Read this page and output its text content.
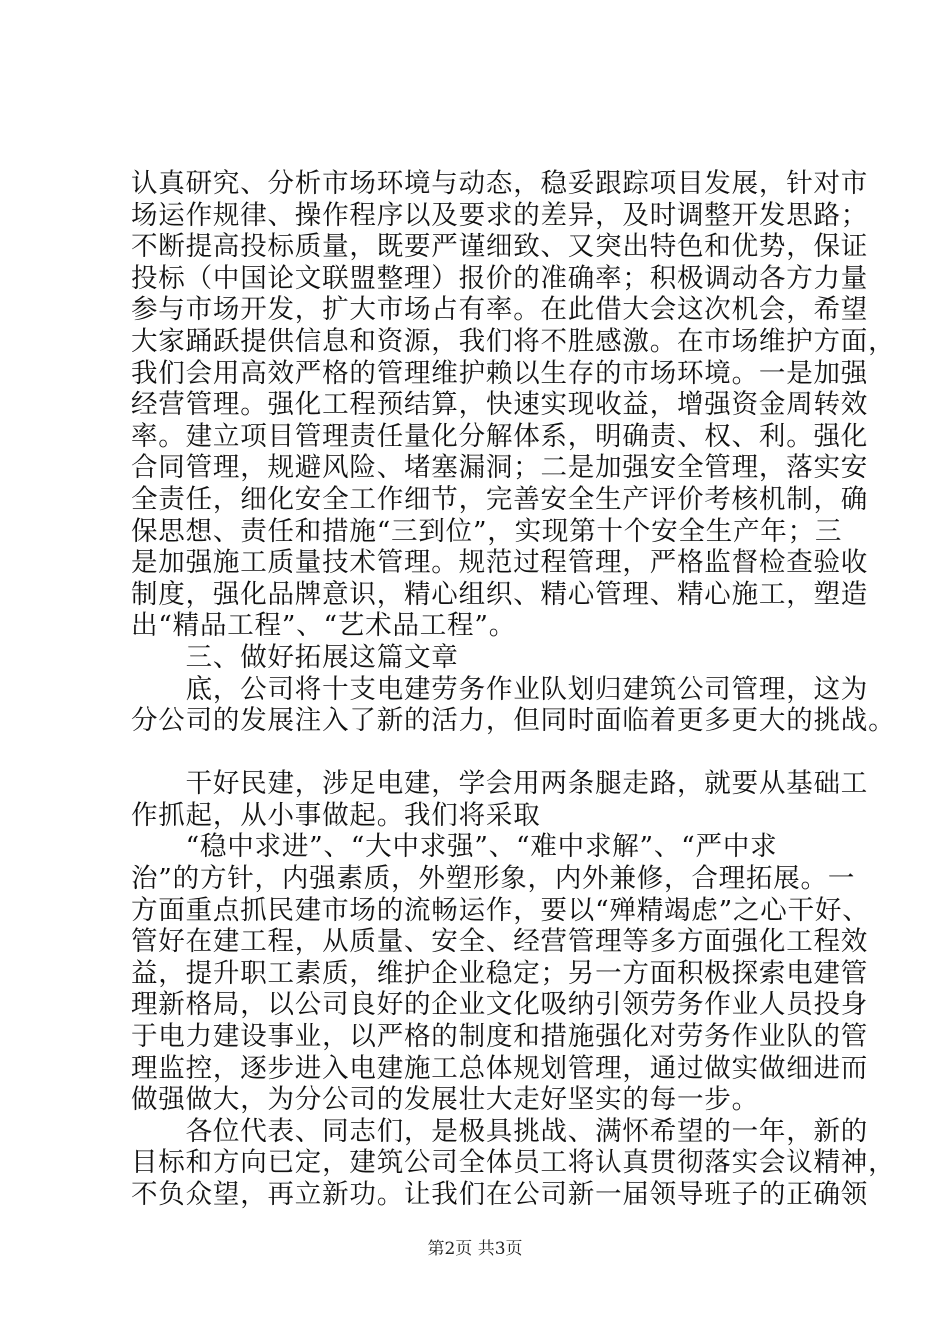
认真研究、分析市场环境与动态，稳妥跟踪项目发展，针对市
场运作规律、操作程序以及要求的差异，及时调整开发思路；
不断提高投标质量，既要严谨细致、又突出特色和优势，保证
投标（中国论文联盟整理）报价的准确率；积极调动各方力量
参与市场开发，扩大市场占有率。在此借大会这次机会，希望
大家踊跃提供信息和资源，我们将不胜感激。在市场维护方面，
我们会用高效严格的管理维护赖以生存的市场环境。一是加强
经营管理。强化工程预结算，快速实现收益，增强资金周转效
率。建立项目管理责任量化分解体系，明确责、权、利。强化
合同管理，规避风险、堵塞漏洞；二是加强安全管理，落实安
全责任，细化安全工作细节，完善安全生产评价考核机制，确
保思想、责任和措施“三到位”，实现第十个安全生产年；三
是加强施工质量技术管理。规范过程管理，严格监督检查验收
制度，强化品牌意识，精心组织、精心管理、精心施工，塑造
出“精品工程”、“艺术品工程”。
　　三、做好拓展这篇文章
　　底，公司将十支电建劳务作业队划归建筑公司管理，这为
分公司的发展注入了新的活力，但同时面临着更多更大的挑战。
　　干好民建，涉足电建，学会用两条腿走路，就要从基础工
作抓起，从小事做起。我们将采取
　　“稳中求进”、“大中求强”、“难中求解”、“严中求
治”的方针，内强素质，外塑形象，内外兼修，合理拓展。一
方面重点抓民建市场的流畅运作，要以“殚精竭虑”之心干好、
管好在建工程，从质量、安全、经营管理等多方面强化工程效
益，提升职工素质，维护企业稳定；另一方面积极探索电建管
理新格局，以公司良好的企业文化吸纳引领劳务作业人员投身
于电力建设事业，以严格的制度和措施强化对劳务作业队的管
理监控，逐步进入电建施工总体规划管理，通过做实做细进而
做强做大，为分公司的发展壮大走好坚实的每一步。
　　各位代表、同志们，是极具挑战、满怀希望的一年，新的
目标和方向已定，建筑公司全体员工将认真贯彻落实会议精神，
不负众望，再立新功。让我们在公司新一届领导班子的正确领
第2页 共3页
